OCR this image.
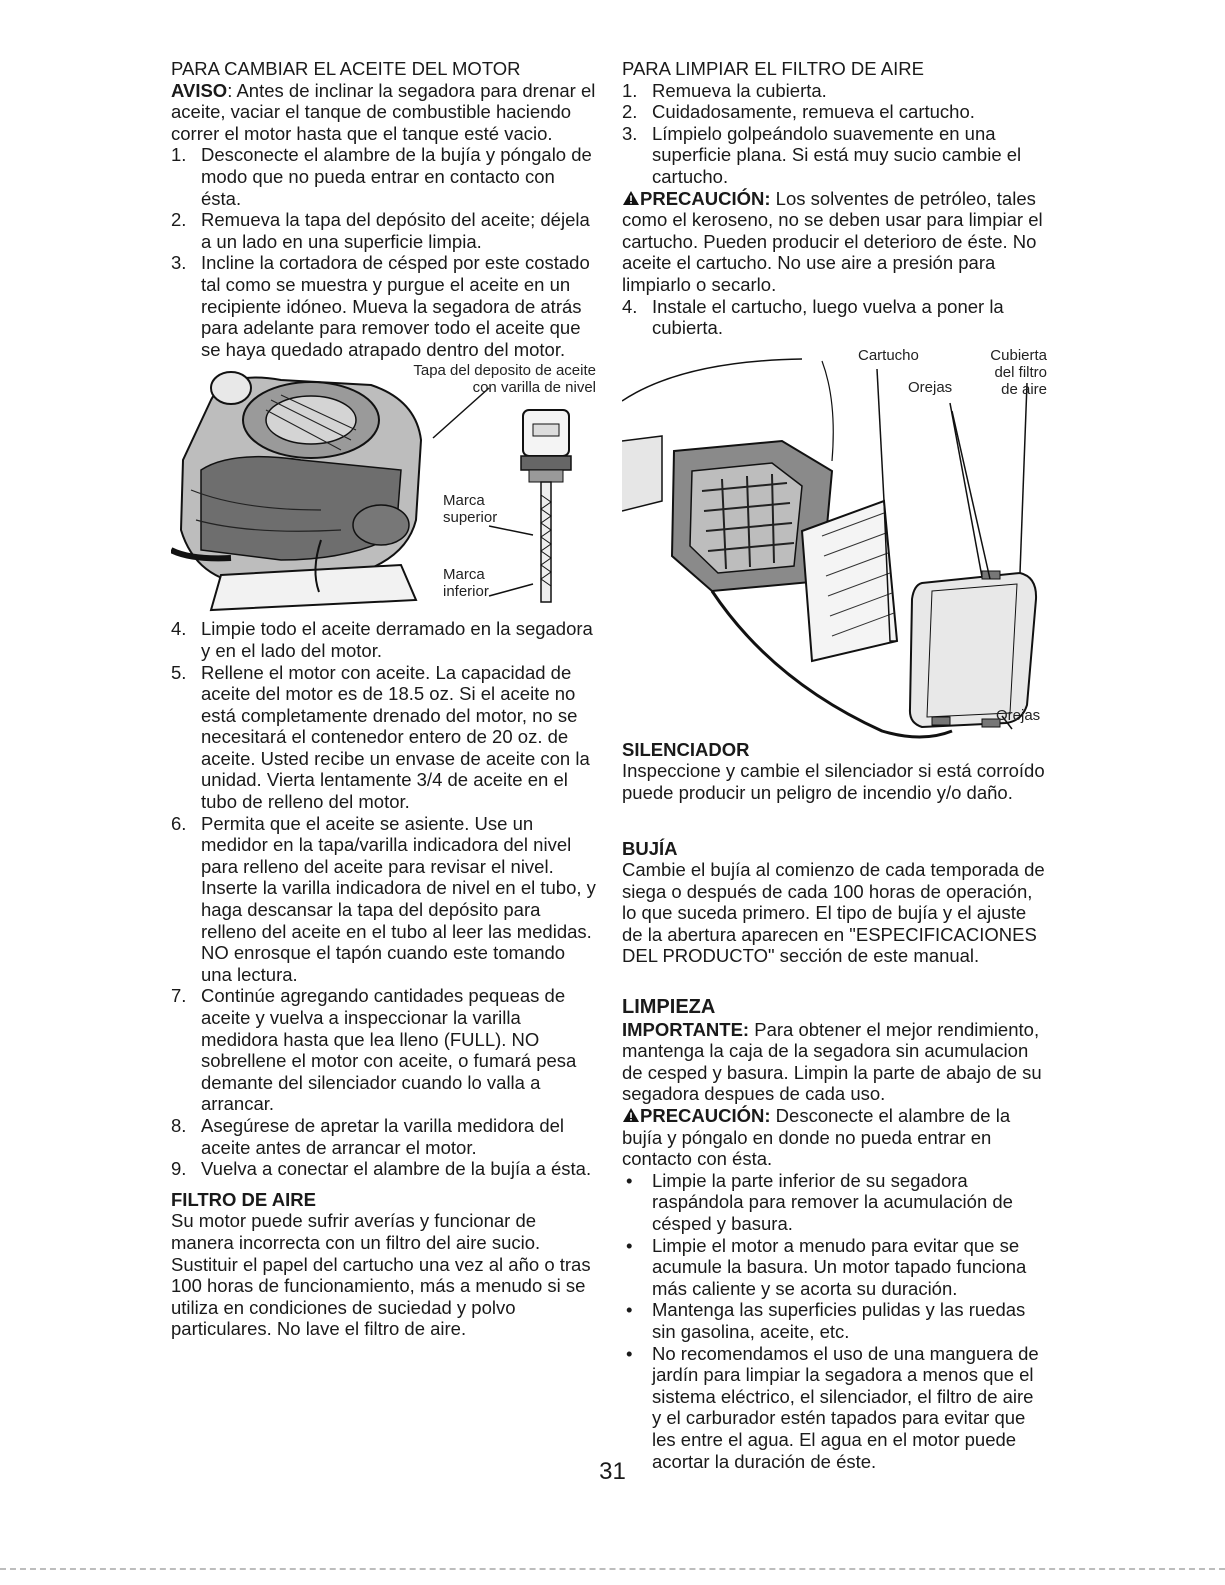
PARA CAMBIAR EL ACEITE DEL MOTOR

AVISO: Antes de inclinar la segadora para drenar el aceite, vaciar el tanque de combustible haciendo correr el motor hasta que el tanque esté vacio.

1. Desconecte el alambre de la bujía y póngalo de modo que no pueda entrar en contacto con ésta.
2. Remueva la tapa del depósito del aceite; déjela a un lado en una superficie limpia.
3. Incline la cortadora de césped por este costado tal como se muestra y purgue el aceite en un recipiente idóneo. Mueva la segadora de atrás para adelante para remover todo el aceite que se haya quedado atrapado dentro del motor.
Tapa del deposito de aceite
con varilla de nivel
Marca
superior
Marca
inferior
4. Limpie todo el aceite derramado en la segadora y en el lado del motor.
5. Rellene el motor con aceite. La capacidad de aceite del motor es de 18.5 oz. Si el aceite no está completamente drenado del motor, no se necesitará el contenedor entero de 20 oz. de aceite. Usted recibe un envase de aceite con la unidad. Vierta lentamente 3/4 de aceite en el tubo de relleno del motor.
6. Permita que el aceite se asiente. Use un medidor en la tapa/varilla indicadora del nivel para relleno del aceite para revisar el nivel. Inserte la varilla indicadora de nivel en el tubo, y haga descansar la tapa del depósito para relleno del aceite en el tubo al leer las medidas. NO enrosque el tapón cuando este tomando una lectura.
7. Continúe agregando cantidades pequeas de aceite y vuelva a inspeccionar la varilla medidora hasta que lea lleno (FULL). NO sobrellene el motor con aceite, o fumará pesa demante del silenciador cuando lo valla a arrancar.
8. Asegúrese de apretar la varilla medidora del aceite antes de arrancar el motor.
9. Vuelva a conectar el alambre de la bujía a ésta.
FILTRO DE AIRE

Su motor puede sufrir averías y funcionar de manera incorrecta con un filtro del aire sucio. Sustituir el papel del cartucho una vez al año o tras 100 horas de funcionamiento, más a menudo si se utiliza en condiciones de suciedad y polvo particulares. No lave el filtro de aire.

PARA LIMPIAR EL FILTRO DE AIRE
1. Remueva la cubierta.
2. Cuidadosamente, remueva el cartucho.
3. Límpielo golpeándolo suavemente en una superficie plana. Si está muy sucio cambie el cartucho.

PRECAUCIÓN: Los solventes de petróleo, tales como el keroseno, no se deben usar para limpiar el cartucho. Pueden producir el deterioro de éste. No aceite el cartucho. No use aire a presión para limpiarlo o secarlo.

4. Instale el cartucho, luego vuelva a poner la cubierta.
Cartucho	Cubierta
del filtro
de aire
Orejas
Orejas
SILENCIADOR

Inspeccione y cambie el silenciador si está corroído puede producir un peligro de incendio y/o daño.

BUJÍA

Cambie el bujía al comienzo de cada temporada de siega o después de cada 100 horas de operación, lo que suceda primero. El tipo de bujía y el ajuste de la abertura aparecen en "ESPECIFICACIONES DEL PRODUCTO" sección de este manual.

LIMPIEZA

IMPORTANTE: Para obtener el mejor rendimiento, mantenga la caja de la segadora sin acumulacion de cesped y basura. Limpin la parte de abajo de su segadora despues de cada uso.

PRECAUCIÓN: Desconecte el alambre de la bujía y póngalo en donde no pueda entrar en contacto con ésta.

• Limpie la parte inferior de su segadora raspándola para remover la acumulación de césped y basura.
• Limpie el motor a menudo para evitar que se acumule la basura. Un motor tapado funciona más caliente y se acorta su duración.
• Mantenga las superficies pulidas y las ruedas sin gasolina, aceite, etc.
• No recomendamos el uso de una manguera de jardín para limpiar la segadora a menos que el sistema eléctrico, el silenciador, el filtro de aire y el carburador estén tapados para evitar que les entre el agua. El agua en el motor puede acortar la duración de éste.
31
